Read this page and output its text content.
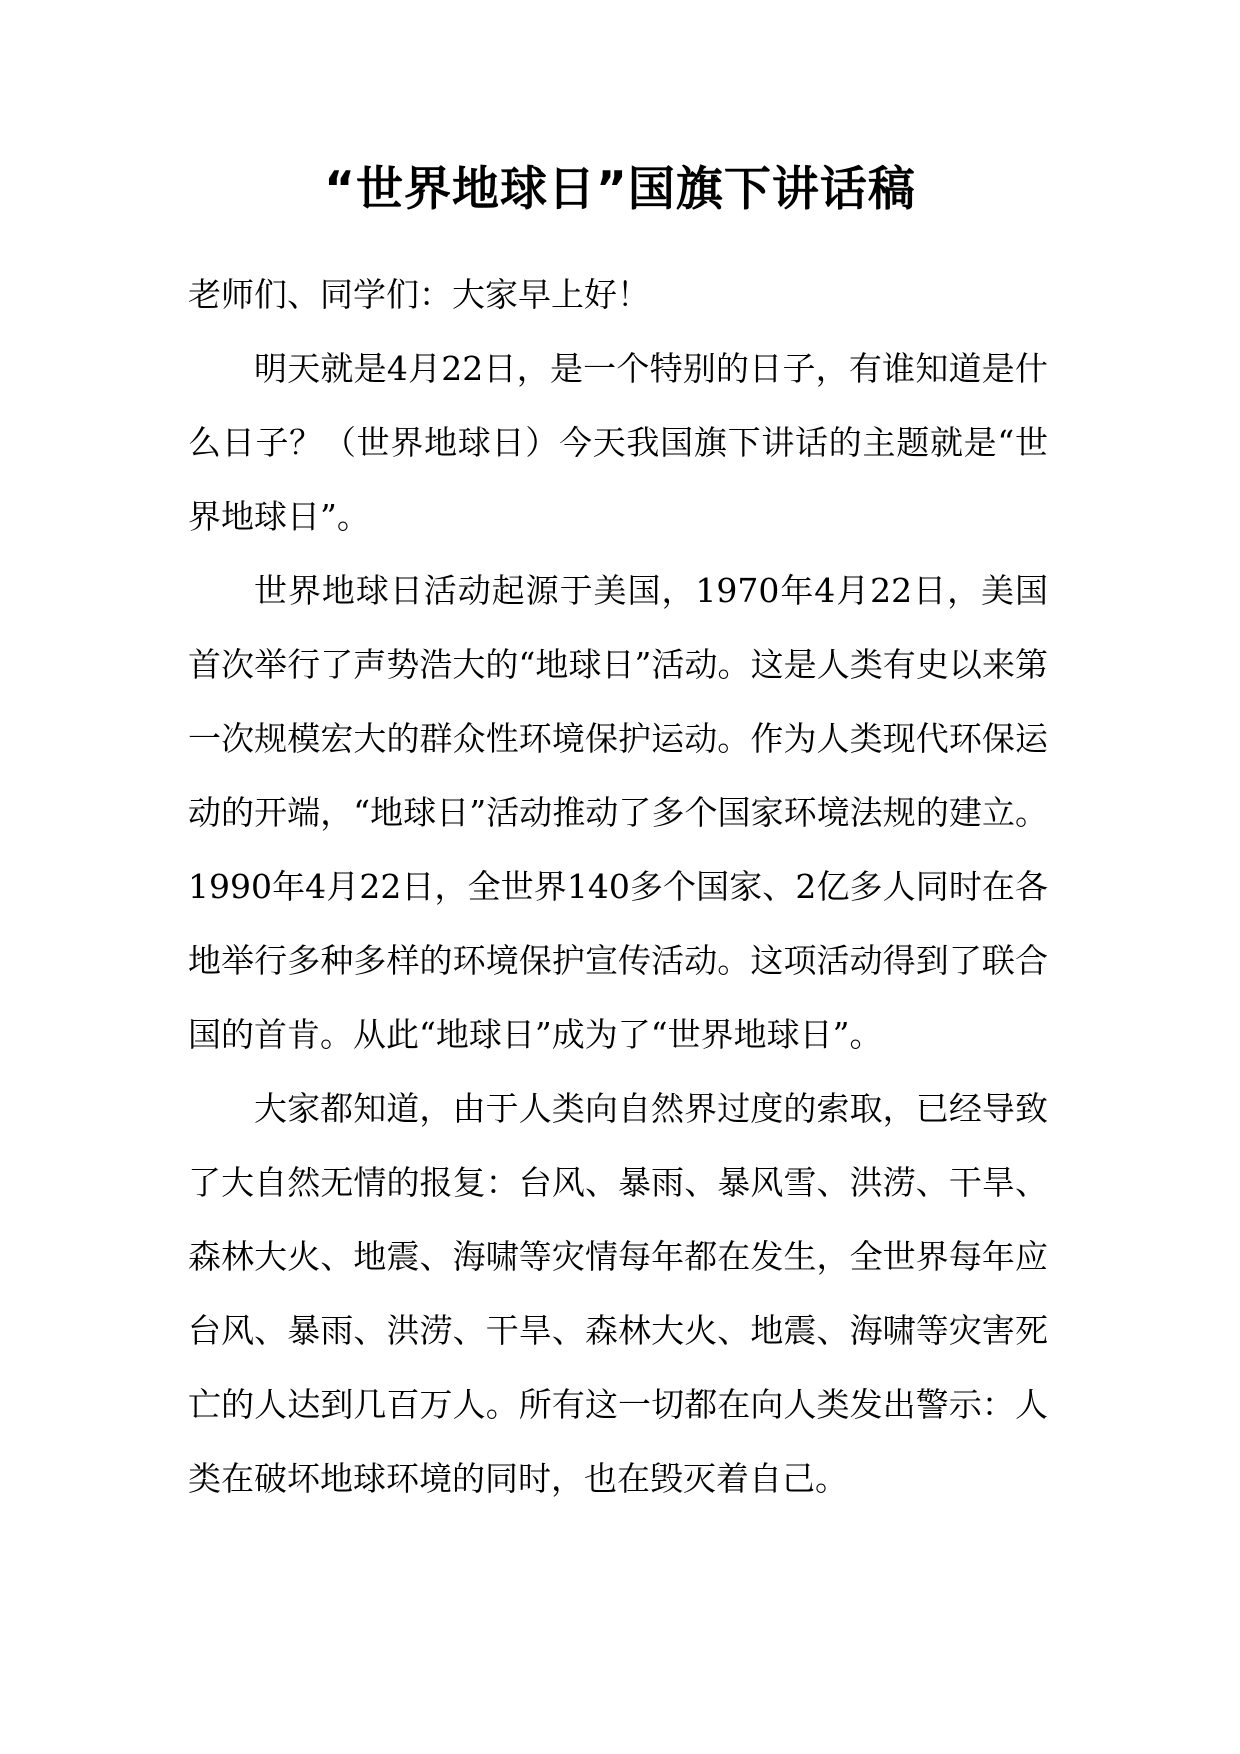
“世界地球日”国旗下讲话稿

老师们、同学们：大家早上好！

明天就是4月22日，是一个特别的日子，有谁知道是什么日子？（世界地球日）今天我国旗下讲话的主题就是“世界地球日”。

世界地球日活动起源于美国，1970年4月22日，美国首次举行了声势浩大的“地球日”活动。这是人类有史以来第一次规模宏大的群众性环境保护运动。作为人类现代环保运动的开端，“地球日”活动推动了多个国家环境法规的建立。1990年4月22日，全世界140多个国家、2亿多人同时在各地举行多种多样的环境保护宣传活动。这项活动得到了联合国的首肯。从此“地球日”成为了“世界地球日”。

大家都知道，由于人类向自然界过度的索取，已经导致了大自然无情的报复：台风、暴雨、暴风雪、洪涝、干旱、森林大火、地震、海啸等灾情每年都在发生，全世界每年应台风、暴雨、洪涝、干旱、森林大火、地震、海啸等灾害死亡的人达到几百万人。所有这一切都在向人类发出警示：人类在破坏地球环境的同时，也在毁灭着自己。
